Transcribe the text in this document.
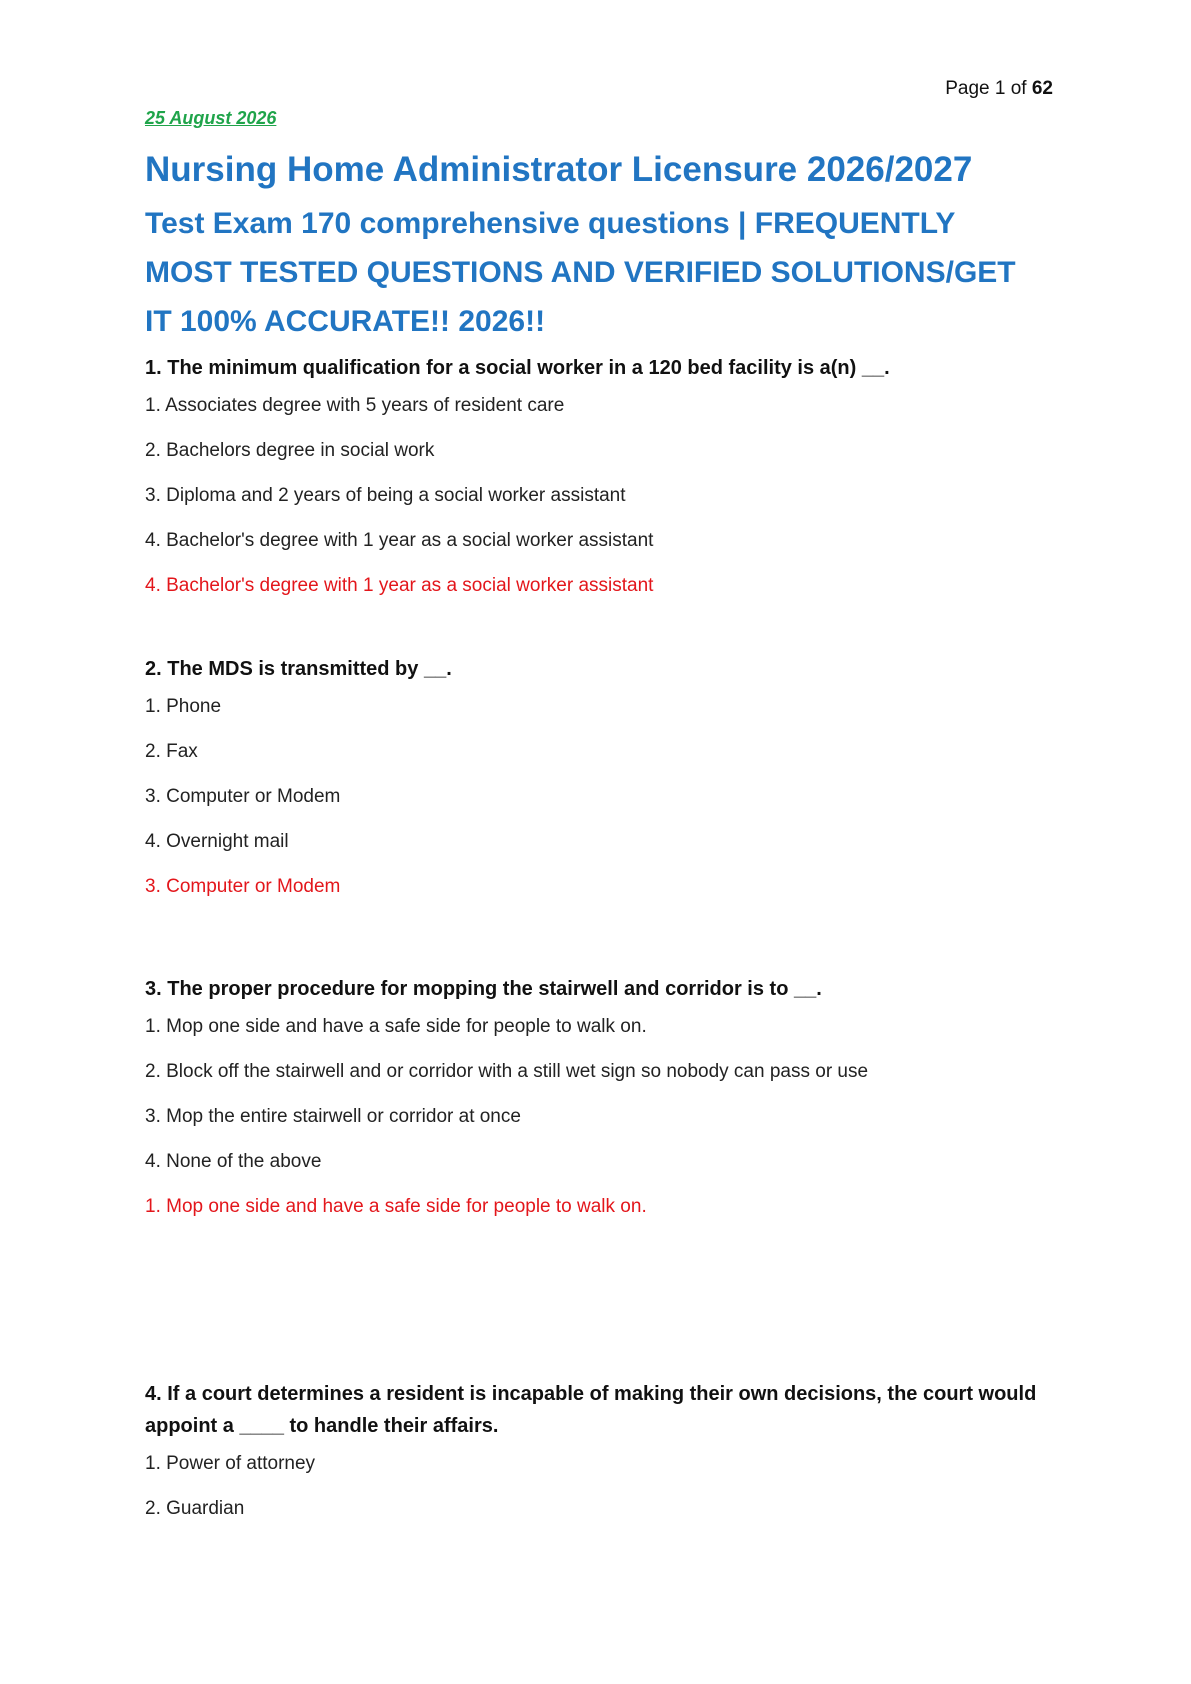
Page 1 of 62
25 August 2026
Nursing Home Administrator Licensure 2026/2027
Test Exam 170 comprehensive questions | FREQUENTLY MOST TESTED QUESTIONS AND VERIFIED SOLUTIONS/GET IT 100% ACCURATE!! 2026!!
1. The minimum qualification for a social worker in a 120 bed facility is a(n) __.
1. Associates degree with 5 years of resident care
2. Bachelors degree in social work
3. Diploma and 2 years of being a social worker assistant
4. Bachelor's degree with 1 year as a social worker assistant
4. Bachelor's degree with 1 year as a social worker assistant
2. The MDS is transmitted by __.
1. Phone
2. Fax
3. Computer or Modem
4. Overnight mail
3. Computer or Modem
3. The proper procedure for mopping the stairwell and corridor is to __.
1. Mop one side and have a safe side for people to walk on.
2. Block off the stairwell and or corridor with a still wet sign so nobody can pass or use
3. Mop the entire stairwell or corridor at once
4. None of the above
1. Mop one side and have a safe side for people to walk on.
4. If a court determines a resident is incapable of making their own decisions, the court would appoint a ____ to handle their affairs.
1. Power of attorney
2. Guardian
